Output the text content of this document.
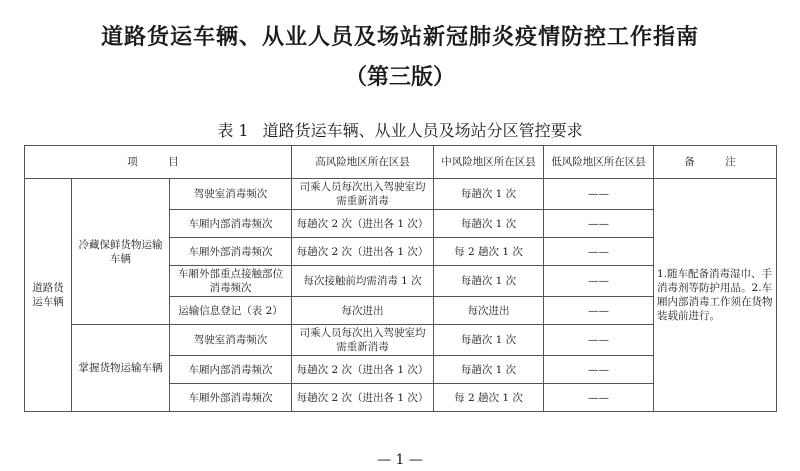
道路货运车辆、从业人员及场站新冠肺炎疫情防控工作指南
（第三版）
表 1 道路货运车辆、从业人员及场站分区管控要求
项　目			高风险地区所在区县	中风险地区所在区县	低风险地区所在区县	备　注
道路货运车辆	冷藏保鲜货物运输车辆	驾驶室消毒频次	司乘人员每次出入驾驶室均需重新消毒	每趟次 1 次	——	1.随车配备消毒湿巾、手消毒剂等防护用品。2.车厢内部消毒工作须在货物装载前进行。
		车厢内部消毒频次	每趟次 2 次（进出各 1 次）	每趟次 1 次	——	
		车厢外部消毒频次	每趟次 2 次（进出各 1 次）	每 2 趟次 1 次	——	
		车厢外部重点接触部位消毒频次	每次接触前均需消毒 1 次	每趟次 1 次	——	
		运输信息登记（表 2）	每次进出	每次进出	——	
	掌握货物运输车辆	驾驶室消毒频次	司乘人员每次出入驾驶室均需重新消毒	每趟次 1 次	——	
		车厢内部消毒频次	每趟次 2 次（进出各 1 次）	每趟次 1 次	——	
		车厢外部消毒频次	每趟次 2 次（进出各 1 次）	每 2 趟次 1 次	——	
— 1 —
